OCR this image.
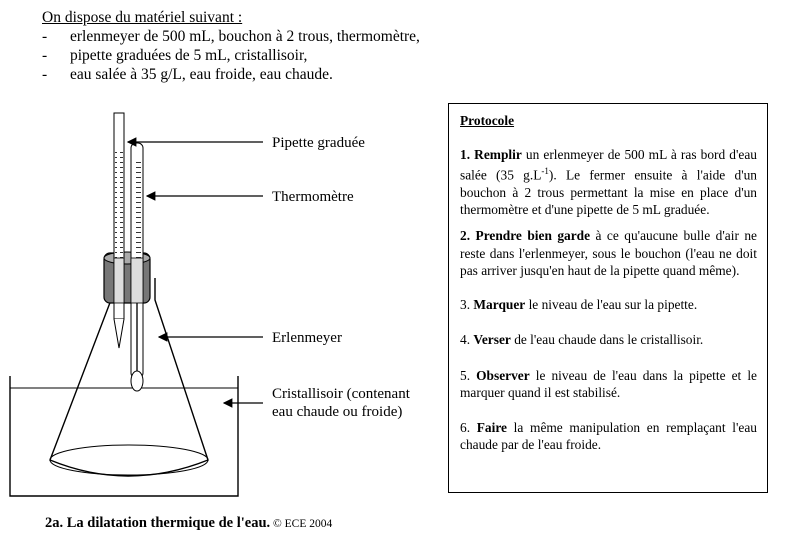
On dispose du matériel suivant :
- erlenmeyer de 500 mL, bouchon à 2 trous, thermomètre,
- pipette graduées de 5 mL, cristallisoir,
- eau salée à 35 g/L, eau froide, eau chaude.
Pipette graduée
Thermomètre
Erlenmeyer
Cristallisoir (contenant
eau chaude ou froide)
Protocole

1. Remplir un erlenmeyer de 500 mL à ras bord d'eau salée (35 $g.L^{-1}$). Le fermer ensuite à l'aide d'un bouchon à 2 trous permettant la mise en place d'un thermomètre et d'une pipette de 5 mL graduée.

2. Prendre bien garde à ce qu'aucune bulle d'air ne reste dans l'erlenmeyer, sous le bouchon (l'eau ne doit pas arriver jusqu'en haut de la pipette quand même).

3. Marquer le niveau de l'eau sur la pipette.

4. Verser de l'eau chaude dans le cristallisoir.

5. Observer le niveau de l'eau dans la pipette et le marquer quand il est stabilisé.

6. Faire la même manipulation en remplaçant l'eau chaude par de l'eau froide.

2a. La dilatation thermique de l'eau. © ECE 2004
